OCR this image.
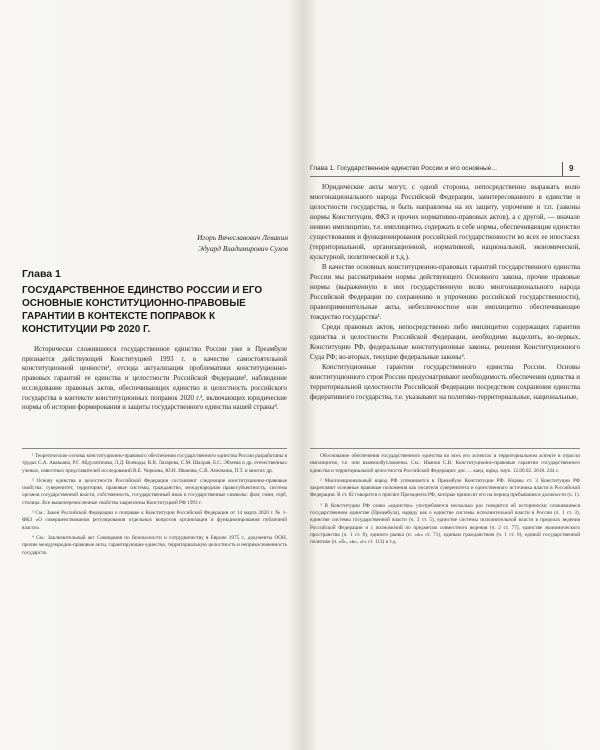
Игорь Вячеславович Левакин
Эдуард Владимирович Сухов
Глава 1
ГОСУДАРСТВЕННОЕ ЕДИНСТВО РОССИИ И ЕГО ОСНОВНЫЕ КОНСТИТУЦИОННО-ПРАВОВЫЕ ГАРАНТИИ В КОНТЕКСТЕ ПОПРАВОК К КОНСТИТУЦИИ РФ 2020 Г.

Исторически сложившееся государственное единство России уже в Преамбуле признается действующей Конституцией 1993 г. в качестве самостоятельной конституционной ценности¹, отсюда актуализация проблематики конституционно-правовых гарантий ее единства и целостности Российской Федерации², наблюдение исследование правовых актов, обеспечивающих единство и целостность российского государства в контексте конституционных поправок 2020 г.³, включающих юридические нормы об истории формирования и защиты государственного единства нашей страны⁴.

¹ Теоретические основы конституционно-правового обеспечения государственного единства России разработаны в трудах С.А. Авакьяна, Р.Г. Абдулатипова, Л.Д. Воеводы, В.В. Лазарева, С.М. Шахрая, Б.С. Эбзеева и др. отечественных ученых, известных представителей исследований В.Е. Чиркина, Ю.Н. Иванова, С.В. Апелкина, П.Т. и многих др.

² Основу единства и целостности Российской Федерации составляют следующие конституционно-правовые свойства: суверенитет, территория, правовые системы, гражданство, международная правосубъектность, система органов государственной власти, собственность, государственный язык и государственные символы: флаг, гимн, герб, столица. Все вышеперечисленные свойства закреплены Конституцией РФ 1993 г.

³ См.: Закон Российской Федерации о поправке к Конституции Российской Федерации от 14 марта 2020 г. № 1-ФКЗ «О совершенствовании регулирования отдельных вопросов организации и функционирования публичной власти».

⁴ См.: Заключительный акт Совещания по безопасности и сотрудничеству в Европе 1975 г., документы ООН, прочие международно-правовые акты, гарантирующие единство, территориальную целостность и неприкосновенность государств.

Глава 1. Государственное единство России и его основные...	9

Юридические акты могут, с одной стороны, непосредственно выражать волю многонационального народа Российской Федерации, заинтересованного в единстве и целостности государства, и быть направлены на их защиту, упрочение и т.п. (законы нормы Конституции, ФКЗ и прочих нормативно-правовых актов), а с другой, — вначале неявно имплицитно, т.е. имплицитно, содержать в себе нормы, обеспечивающие единство существования и функционирования российской государственности во всех ее ипостасях (территориальной, организационной, нормативной, национальной, экономической, культурной, политической и т.д.).

В качестве основных конституционно-правовых гарантий государственного единства России мы рассматриваем нормы действующего Основного закона, прочие правовые нормы (выраженную в них государственную волю многонационального народа Российской Федерации по сохранению и упрочению российской государственности), правоприменительные акты, небезличностное или имплицитно обеспечивающее тождество государства¹.

Среди правовых актов, непосредственно либо имплицитно содержащих гарантии единства и целостности Российской Федерации, необходимо выделить, во-первых, Конституцию РФ, федеральные конституционные законы, решения Конституционного Суда РФ; во-вторых, текущие федеральные законы².

Конституционные гарантии государственного единства России. Основы конституционного строя России предусматривают необходимость обеспечения единства и территориальной целостности Российской Федерации посредством сохранения единства федеративного государства, т.е. указывают на политико-территориальные, национальные,

Обоснование обеспечения государственного единства во всех его аспектах в территориальном аспекте в отрасли имплицитно, т.е. они взаимообусловлены. См.: Иванов С.В. Конституционно-правовые гарантии государственного единства и территориальной целостности Российской Федерации: дис. ... канд. юрид. наук. 12.00.02. 2018. 244 с.

² Многонациональный народ РФ упоминается в Преамбуле Конституции РФ. Нормы ст. 3 Конституции РФ закрепляют основные правовые положения как носителя суверенитета и единственного источника власти в Российской Федерации. В ст. 82 говорится о присяге Президента РФ, которые приносит его на период пребывания в должности (ч. 1).

³ В Конституции РФ слово «единство» употребляется несколько раз говорится об исторически сложившемся государственном единстве (Преамбула), наряду как о единстве системы исполнительной власти в России (ч. 1 ст. 3), единстве системы государственной власти (ч. 3 ст. 5), единстве системы исполнительной власти в пределах ведения Российской Федерации и с полномочий по предметам совместного ведения (ч. 2 ст. 77), единстве экономического пространства (ч. 1 ст. 8), единого рынка (п. «ж» ст. 71), единым гражданством (ч. 1 ст. 6), единой государственной политике (п. «б», «в», «г» ст. 113) и т.д.
